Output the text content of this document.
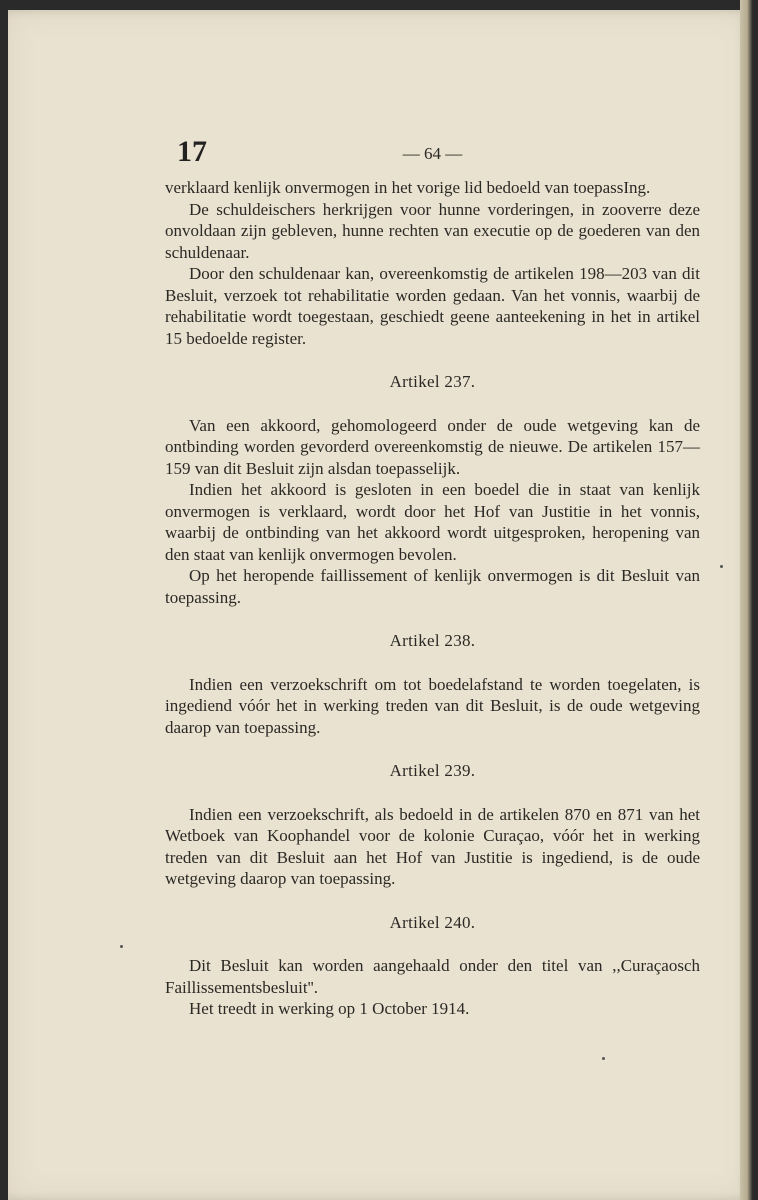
17	— 64 —

verklaard kenlijk onvermogen in het vorige lid bedoeld van toepassIng.

De schuldeischers herkrijgen voor hunne vorderingen, in zooverre deze onvoldaan zijn gebleven, hunne rechten van executie op de goederen van den schuldenaar.

Door den schuldenaar kan, overeenkomstig de artikelen 198—203 van dit Besluit, verzoek tot rehabilitatie worden gedaan. Van het vonnis, waarbij de rehabilitatie wordt toegestaan, geschiedt geene aanteekening in het in artikel 15 bedoelde register.

Artikel 237.

Van een akkoord, gehomologeerd onder de oude wetgeving kan de ontbinding worden gevorderd overeenkomstig de nieuwe. De artikelen 157—159 van dit Besluit zijn alsdan toepasselijk.

Indien het akkoord is gesloten in een boedel die in staat van kenlijk onvermogen is verklaard, wordt door het Hof van Justitie in het vonnis, waarbij de ontbinding van het akkoord wordt uitgesproken, heropening van den staat van kenlijk onvermogen bevolen.

Op het heropende faillissement of kenlijk onvermogen is dit Besluit van toepassing.

Artikel 238.

Indien een verzoekschrift om tot boedelafstand te worden toegelaten, is ingediend vóór het in werking treden van dit Besluit, is de oude wetgeving daarop van toepassing.

Artikel 239.

Indien een verzoekschrift, als bedoeld in de artikelen 870 en 871 van het Wetboek van Koophandel voor de kolonie Curaçao, vóór het in werking treden van dit Besluit aan het Hof van Justitie is ingediend, is de oude wetgeving daarop van toepassing.

Artikel 240.

Dit Besluit kan worden aangehaald onder den titel van ,,Curaçaosch Faillissementsbesluit''.

Het treedt in werking op 1 October 1914.
